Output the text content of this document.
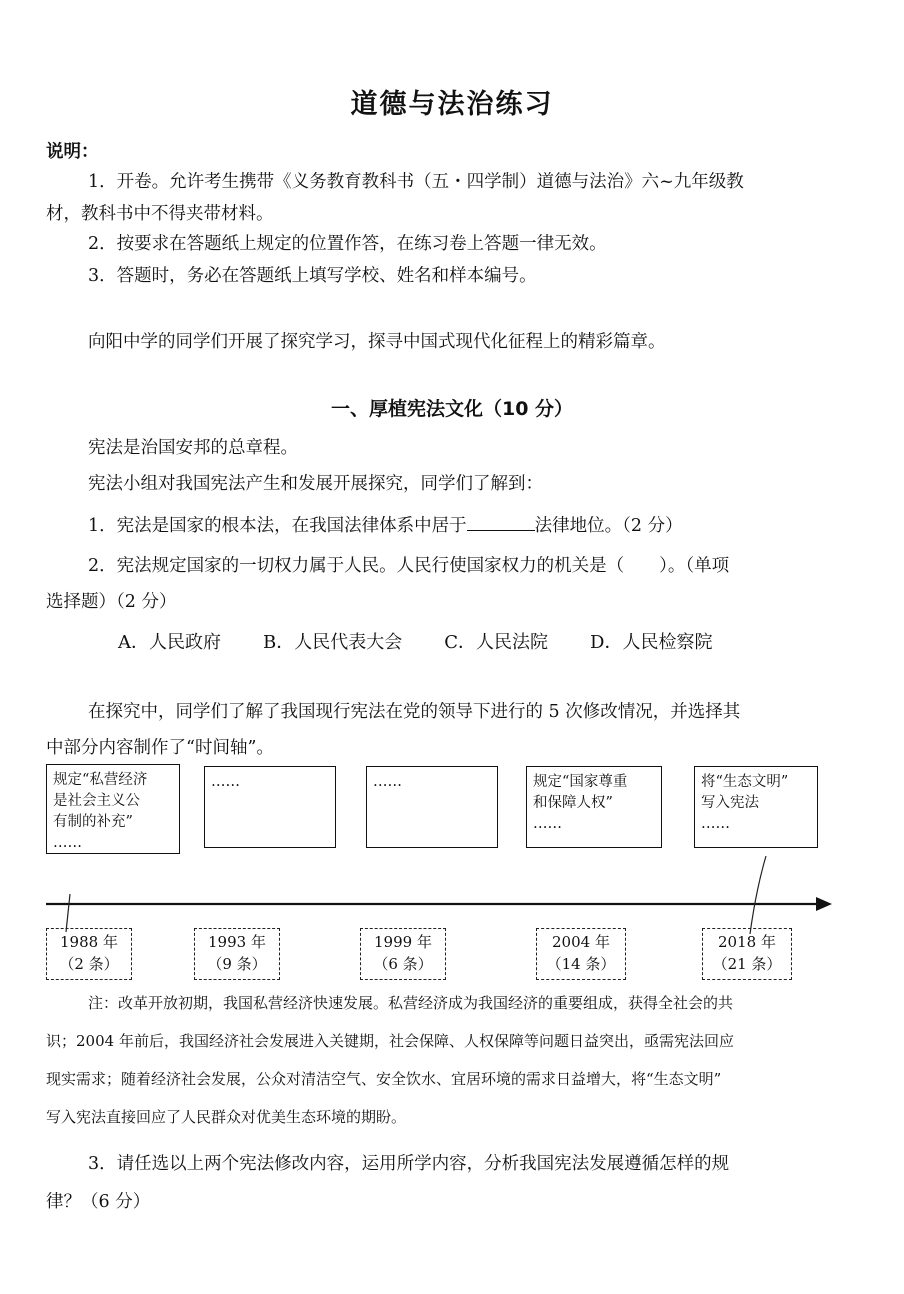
道德与法治练习
说明：
1．开卷。允许考生携带《义务教育教科书（五・四学制）道德与法治》六~九年级教
材，教科书中不得夹带材料。
2．按要求在答题纸上规定的位置作答，在练习卷上答题一律无效。
3．答题时，务必在答题纸上填写学校、姓名和样本编号。
向阳中学的同学们开展了探究学习，探寻中国式现代化征程上的精彩篇章。
一、厚植宪法文化（10 分）
宪法是治国安邦的总章程。
宪法小组对我国宪法产生和发展开展探究，同学们了解到：
1．宪法是国家的根本法，在我国法律体系中居于	法律地位。（2 分）
2．宪法规定国家的一切权力属于人民。人民行使国家权力的机关是（　　）。（单项
选择题）（2 分）
A．人民政府 B．人民代表大会 C．人民法院 D．人民检察院
在探究中，同学们了解了我国现行宪法在党的领导下进行的 5 次修改情况，并选择其
中部分内容制作了“时间轴”。
规定“私营经济
是社会主义公
有制的补充”
……
……	……	规定“国家尊重
和保障人权”
……
将“生态文明”
写入宪法
……
1988 年
（2 条）
1993 年
（9 条）
1999 年
（6 条）
2004 年
（14 条）
2018 年
（21 条）
注：改革开放初期，我国私营经济快速发展。私营经济成为我国经济的重要组成，获得全社会的共
识；2004 年前后，我国经济社会发展进入关键期，社会保障、人权保障等问题日益突出，亟需宪法回应
现实需求；随着经济社会发展，公众对清洁空气、安全饮水、宜居环境的需求日益增大，将“生态文明”
写入宪法直接回应了人民群众对优美生态环境的期盼。
3．请任选以上两个宪法修改内容，运用所学内容，分析我国宪法发展遵循怎样的规
律？（6 分）
